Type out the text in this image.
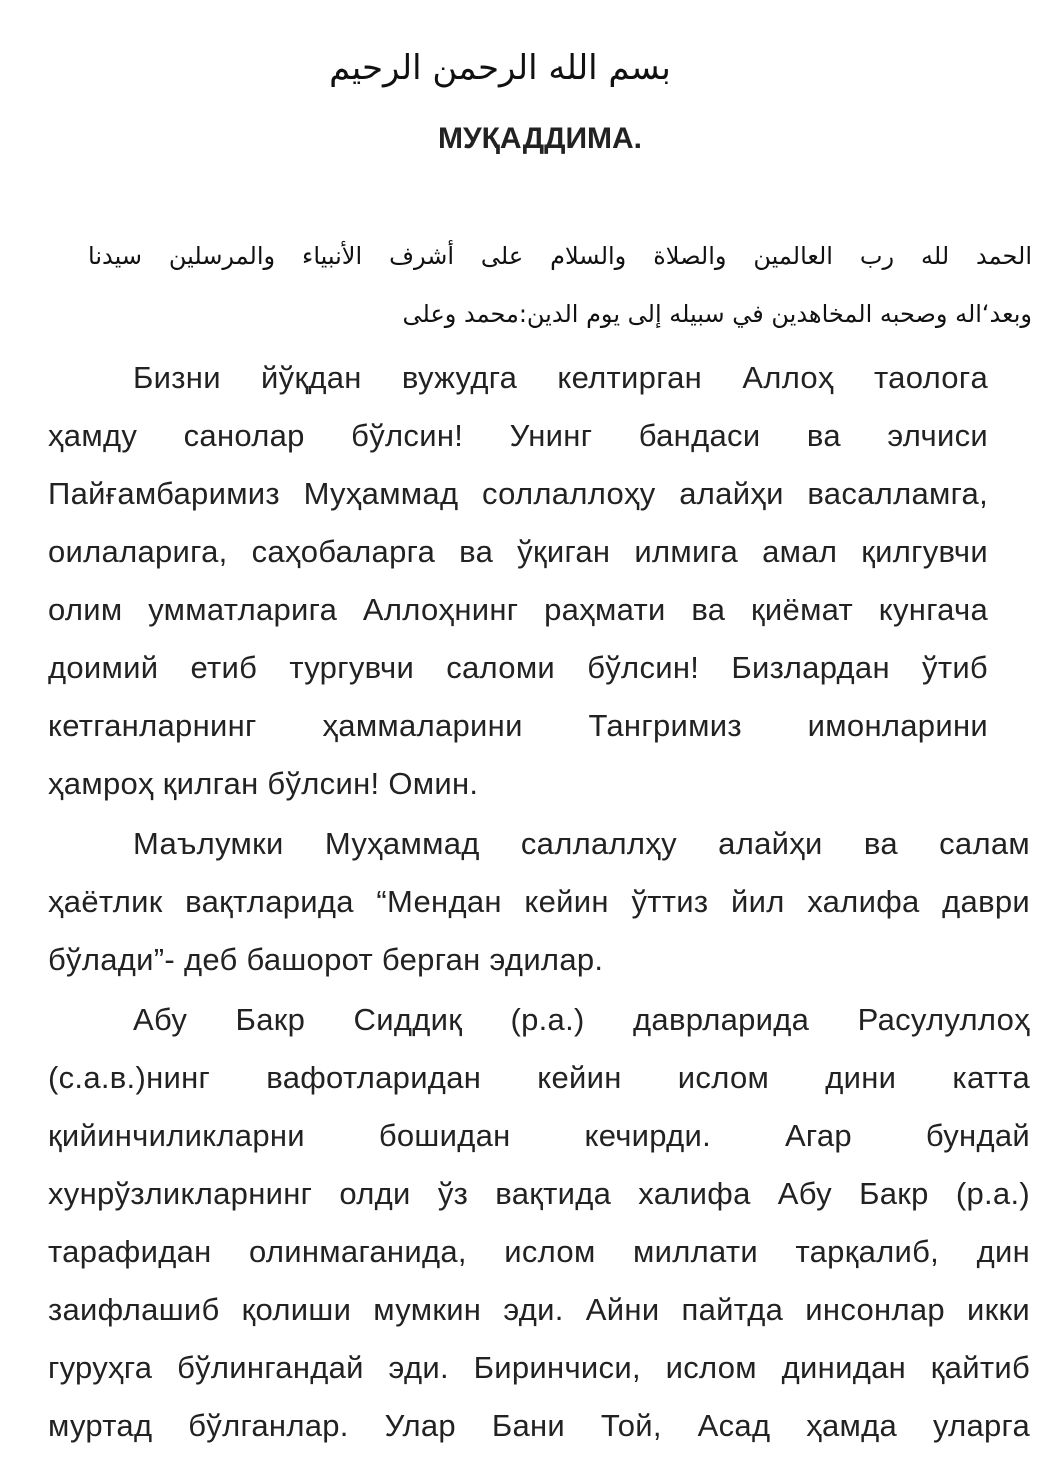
بسم الله الرحمن الرحيم
МУҚАДДИМА.
الحمد لله رب العالمين والصلاة والسلام على أشرف الأنبياء والمرسلين سيدنا
وبعد‘اله وصحبه المخاهدين في سبيله إلى يوم الدين:محمد وعلى
Бизни йўқдан вужудга келтирган Аллоҳ таологa
ҳамду санолар бўлсин! Унинг бандаси ва элчиси
Пайғамбаримиз Муҳаммад соллаллоҳу алайҳи васалламга,
оилаларига, саҳобаларга ва ўқиган илмига амал қилгувчи
олим умматларига Аллоҳнинг раҳмати ва қиёмат кунгача
доимий етиб тургувчи саломи бўлсин! Бизлардан ўтиб
кетганларнинг ҳаммаларини Тангримиз имонларини
ҳамроҳ қилган бўлсин! Омин.
Маълумки Муҳаммад саллаллҳу алайҳи ва салам
ҳаётлик вақтларида “Мендан кейин ўттиз йил халифа даври
бўлади”- деб башорот берган эдилар.
Абу Бакр Сиддиқ (р.а.) даврларида Расулуллоҳ
(с.а.в.)нинг вафотларидан кейин ислом дини катта
қийинчиликларни бошидан кечирди. Агар бундай
хунрўзликларнинг олди ўз вақтида халифа Абу Бакр (р.а.)
тарафидан олинмаганида, ислом миллати тарқалиб, дин
заифлашиб қолиши мумкин эди. Айни пайтда инсонлар икки
гуруҳга бўлингандай эди. Биринчиси, ислом динидан қайтиб
муртад бўлганлар. Улар Бани Той, Асад ҳамда уларга
